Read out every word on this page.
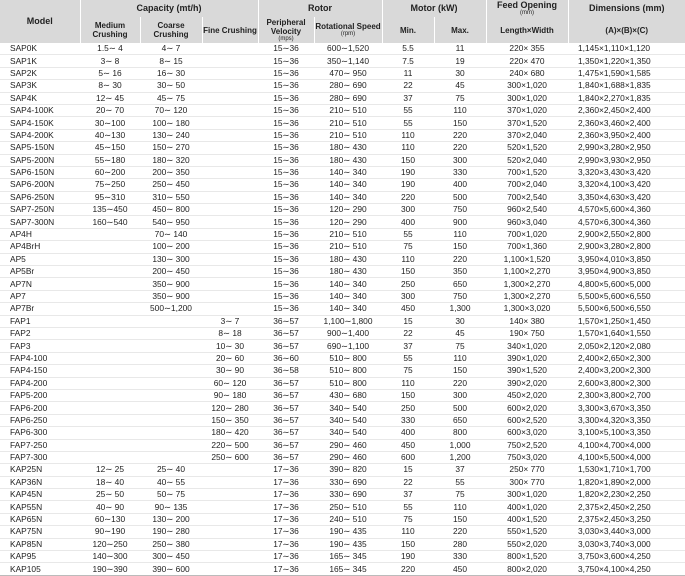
Model	Capacity (mt/h)			Rotor		Motor (kW)		Feed Opening
(mm)	Dimensions (mm)
	Medium Crushing	Coarse Crushing	Fine Crushing	Peripheral Velocity
(mps)	Rotational Speed
(rpm)	Min.	Max.	Length×Width	(A)×(B)×(C)
SAP0K	1.5∼ 4	4∼ 7		15∼36	600∼1,520	5.5	11	220× 355	1,145×1,110×1,120
SAP1K	3∼ 8	8∼ 15		15∼36	350∼1,140	7.5	19	220× 470	1,350×1,220×1,350
SAP2K	5∼ 16	16∼ 30		15∼36	470∼ 950	11	30	240× 680	1,475×1,590×1,585
SAP3K	8∼ 30	30∼ 50		15∼36	280∼ 690	22	45	300×1,020	1,840×1,688×1,835
SAP4K	12∼ 45	45∼ 75		15∼36	280∼ 690	37	75	300×1,020	1,840×2,270×1,835
SAP4-100K	20∼ 70	70∼ 120		15∼36	210∼ 510	55	110	370×1,020	2,360×2,450×2,400
SAP4-150K	30∼100	100∼ 180		15∼36	210∼ 510	55	150	370×1,520	2,360×3,460×2,400
SAP4-200K	40∼130	130∼ 240		15∼36	210∼ 510	110	220	370×2,040	2,360×3,950×2,400
SAP5-150N	45∼150	150∼ 270		15∼36	180∼ 430	110	220	520×1,520	2,990×3,280×2,950
SAP5-200N	55∼180	180∼ 320		15∼36	180∼ 430	150	300	520×2,040	2,990×3,930×2,950
SAP6-150N	60∼200	200∼ 350		15∼36	140∼ 340	190	330	700×1,520	3,320×3,430×3,420
SAP6-200N	75∼250	250∼ 450		15∼36	140∼ 340	190	400	700×2,040	3,320×4,100×3,420
SAP6-250N	95∼310	310∼ 550		15∼36	140∼ 340	220	500	700×2,540	3,350×4,630×3,420
SAP7-250N	135∼450	450∼ 800		15∼36	120∼ 290	300	750	960×2,540	4,570×5,600×4,360
SAP7-300N	160∼540	540∼ 950		15∼36	120∼ 290	400	900	960×3,040	4,570×6,300×4,360
AP4H		70∼ 140		15∼36	210∼ 510	55	110	700×1,020	2,900×2,550×2,800
AP4BrH		100∼ 200		15∼36	210∼ 510	75	150	700×1,360	2,900×3,280×2,800
AP5		130∼ 300		15∼36	180∼ 430	110	220	1,100×1,520	3,950×4,010×3,850
AP5Br		200∼ 450		15∼36	180∼ 430	150	350	1,100×2,270	3,950×4,900×3,850
AP7N		350∼ 900		15∼36	140∼ 340	250	650	1,300×2,270	4,800×5,600×5,000
AP7		350∼ 900		15∼36	140∼ 340	300	750	1,300×2,270	5,500×5,600×6,550
AP7Br		500∼1,200		15∼36	140∼ 340	450	1,300	1,300×3,020	5,500×6,500×6,550
FAP1			3∼ 7	36∼57	1,100∼1,800	15	30	140× 380	1,570×1,250×1,450
FAP2			8∼ 18	36∼57	900∼1,400	22	45	190× 750	1,570×1,640×1,550
FAP3			10∼ 30	36∼57	690∼1,100	37	75	340×1,020	2,050×2,120×2,080
FAP4-100			20∼ 60	36∼60	510∼ 800	55	110	390×1,020	2,400×2,650×2,300
FAP4-150			30∼ 90	36∼58	510∼ 800	75	150	390×1,520	2,400×3,200×2,300
FAP4-200			60∼ 120	36∼57	510∼ 800	110	220	390×2,020	2,600×3,800×2,300
FAP5-200			90∼ 180	36∼57	430∼ 680	150	300	450×2,020	2,300×3,800×2,700
FAP6-200			120∼ 280	36∼57	340∼ 540	250	500	600×2,020	3,300×3,670×3,350
FAP6-250			150∼ 350	36∼57	340∼ 540	330	650	600×2,520	3,300×4,320×3,350
FAP6-300			180∼ 420	36∼57	340∼ 540	400	800	600×3,020	3,100×5,100×3,350
FAP7-250			220∼ 500	36∼57	290∼ 460	450	1,000	750×2,520	4,100×4,700×4,000
FAP7-300			250∼ 600	36∼57	290∼ 460	600	1,200	750×3,020	4,100×5,500×4,000
KAP25N	12∼ 25	25∼ 40		17∼36	390∼ 820	15	37	250× 770	1,530×1,710×1,700
KAP36N	18∼ 40	40∼ 55		17∼36	330∼ 690	22	55	300× 770	1,820×1,890×2,000
KAP45N	25∼ 50	50∼ 75		17∼36	330∼ 690	37	75	300×1,020	1,820×2,230×2,250
KAP55N	40∼ 90	90∼ 135		17∼36	250∼ 510	55	110	400×1,020	2,375×2,450×2,250
KAP65N	60∼130	130∼ 200		17∼36	240∼ 510	75	150	400×1,520	2,375×2,450×3,250
KAP75N	90∼190	190∼ 280		17∼36	190∼ 435	110	220	550×1,520	3,030×3,440×3,000
KAP85N	120∼250	250∼ 380		17∼36	190∼ 435	150	280	550×2,020	3,030×3,740×3,000
KAP95	140∼300	300∼ 450		17∼36	165∼ 345	190	330	800×1,520	3,750×3,600×4,250
KAP105	190∼390	390∼ 600		17∼36	165∼ 345	220	450	800×2,020	3,750×4,100×4,250
